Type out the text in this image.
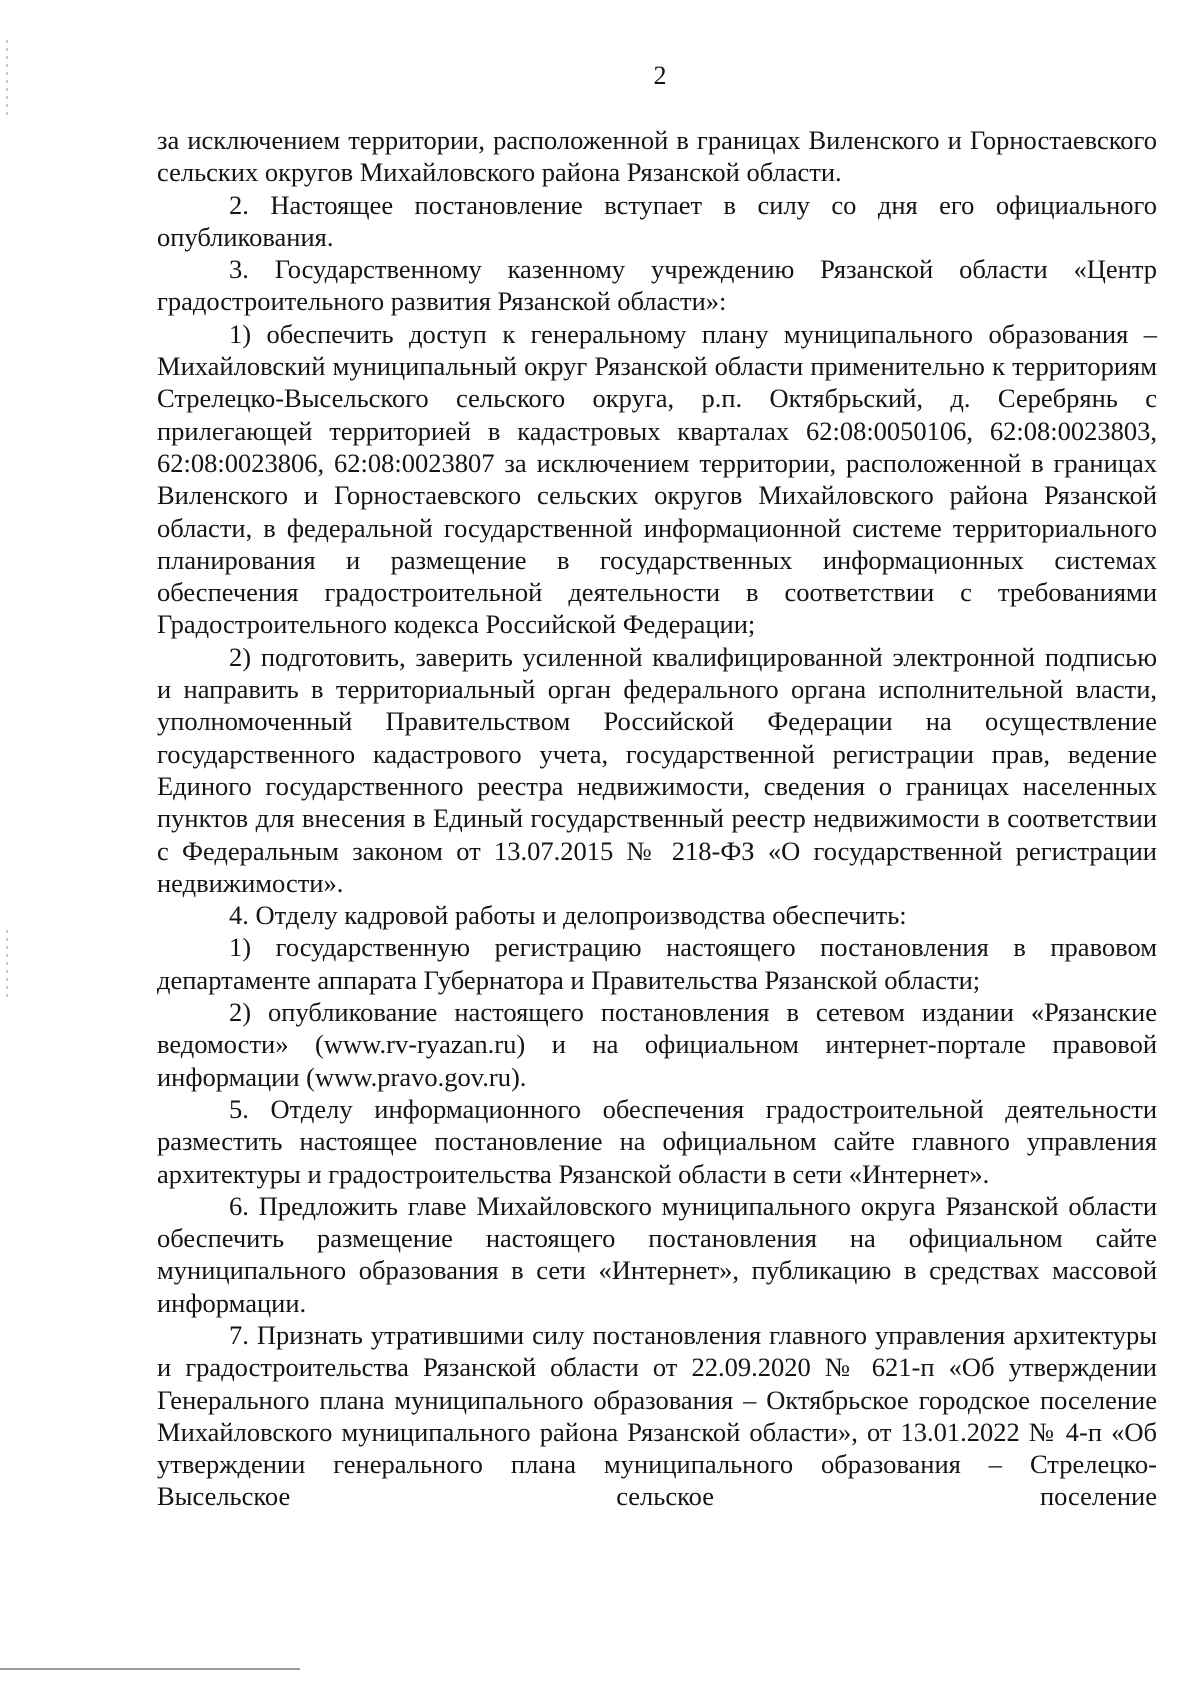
2

за исключением территории, расположенной в границах Виленского и Горностаевского сельских округов Михайловского района Рязанской области.

2. Настоящее постановление вступает в силу со дня его официального опубликования.

3. Государственному казенному учреждению Рязанской области «Центр градостроительного развития Рязанской области»:

1) обеспечить доступ к генеральному плану муниципального образования – Михайловский муниципальный округ Рязанской области применительно к территориям Стрелецко-Высельского сельского округа, р.п. Октябрьский, д. Серебрянь с прилегающей территорией в кадастровых кварталах 62:08:0050106, 62:08:0023803, 62:08:0023806, 62:08:0023807 за исключением территории, расположенной в границах Виленского и Горностаевского сельских округов Михайловского района Рязанской области, в федеральной государственной информационной системе территориального планирования и размещение в государственных информационных системах обеспечения градостроительной деятельности в соответствии с требованиями Градостроительного кодекса Российской Федерации;

2) подготовить, заверить усиленной квалифицированной электронной подписью и направить в территориальный орган федерального органа исполнительной власти, уполномоченный Правительством Российской Федерации на осуществление государственного кадастрового учета, государственной регистрации прав, ведение Единого государственного реестра недвижимости, сведения о границах населенных пунктов для внесения в Единый государственный реестр недвижимости в соответствии с Федеральным законом от 13.07.2015 № 218-ФЗ «О государственной регистрации недвижимости».

4. Отделу кадровой работы и делопроизводства обеспечить:

1) государственную регистрацию настоящего постановления в правовом департаменте аппарата Губернатора и Правительства Рязанской области;

2) опубликование настоящего постановления в сетевом издании «Рязанские ведомости» (www.rv-ryazan.ru) и на официальном интернет-портале правовой информации (www.pravo.gov.ru).

5. Отделу информационного обеспечения градостроительной деятельности разместить настоящее постановление на официальном сайте главного управления архитектуры и градостроительства Рязанской области в сети «Интернет».

6. Предложить главе Михайловского муниципального округа Рязанской области обеспечить размещение настоящего постановления на официальном сайте муниципального образования в сети «Интернет», публикацию в средствах массовой информации.

7. Признать утратившими силу постановления главного управления архитектуры и градостроительства Рязанской области от 22.09.2020 № 621-п «Об утверждении Генерального плана муниципального образования – Октябрьское городское поселение Михайловского муниципального района Рязанской области», от 13.01.2022 № 4-п «Об утверждении генерального плана муниципального образования – Стрелецко-Высельское сельское поселение
